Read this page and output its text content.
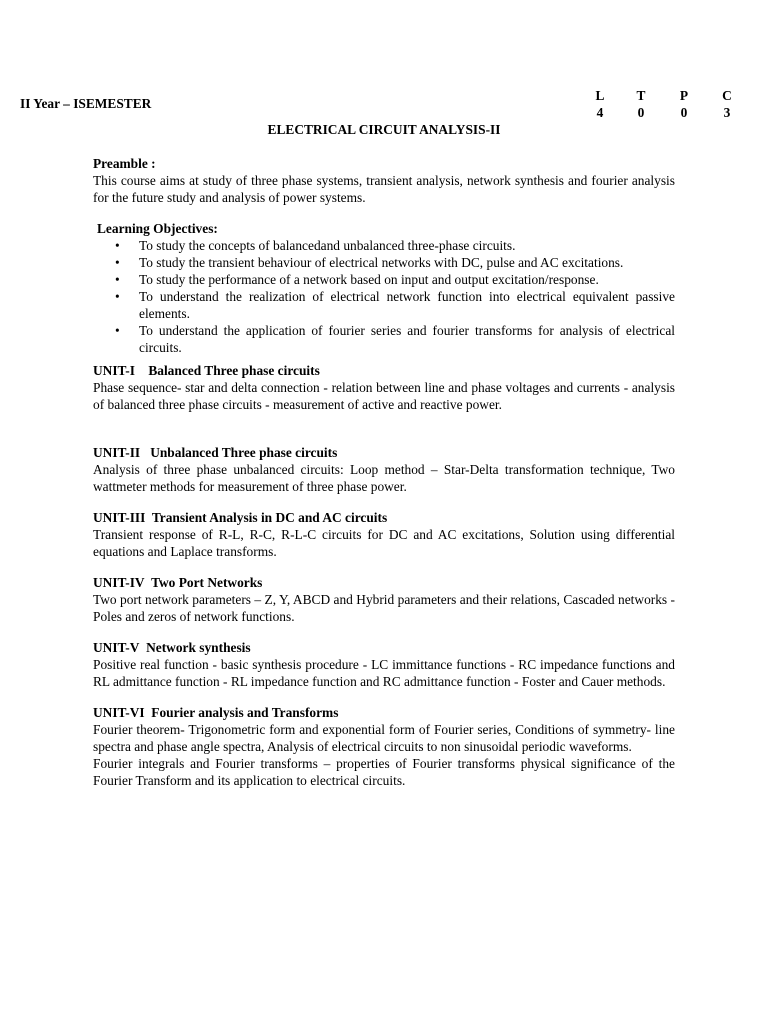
II Year – ISEMESTER
L
4
T
0
P
0
C
3
ELECTRICAL CIRCUIT ANALYSIS-II
Preamble :

This course aims at study of three phase systems, transient analysis, network synthesis and fourier analysis for the future study and analysis of power systems.

Learning Objectives:
• To study the concepts of balancedand unbalanced three-phase circuits.
• To study the transient behaviour of electrical networks with DC, pulse and AC excitations.
• To study the performance of a network based on input and output excitation/response.
• To understand the realization of electrical network function into electrical equivalent passive elements.
• To understand the application of fourier series and fourier transforms for analysis of electrical circuits.
UNIT-I Balanced Three phase circuits

Phase sequence- star and delta connection - relation between line and phase voltages and currents - analysis of balanced three phase circuits - measurement of active and reactive power.

UNIT-II Unbalanced Three phase circuits

Analysis of three phase unbalanced circuits: Loop method – Star-Delta transformation technique, Two wattmeter methods for measurement of three phase power.

UNIT-III Transient Analysis in DC and AC circuits

Transient response of R-L, R-C, R-L-C circuits for DC and AC excitations, Solution using differential equations and Laplace transforms.

UNIT-IV Two Port Networks

Two port network parameters – Z, Y, ABCD and Hybrid parameters and their relations, Cascaded networks - Poles and zeros of network functions.

UNIT-V Network synthesis

Positive real function - basic synthesis procedure - LC immittance functions - RC impedance functions and RL admittance function - RL impedance function and RC admittance function - Foster and Cauer methods.

UNIT-VI Fourier analysis and Transforms

Fourier theorem- Trigonometric form and exponential form of Fourier series, Conditions of symmetry- line spectra and phase angle spectra, Analysis of electrical circuits to non sinusoidal periodic waveforms.

Fourier integrals and Fourier transforms – properties of Fourier transforms physical significance of the Fourier Transform and its application to electrical circuits.
